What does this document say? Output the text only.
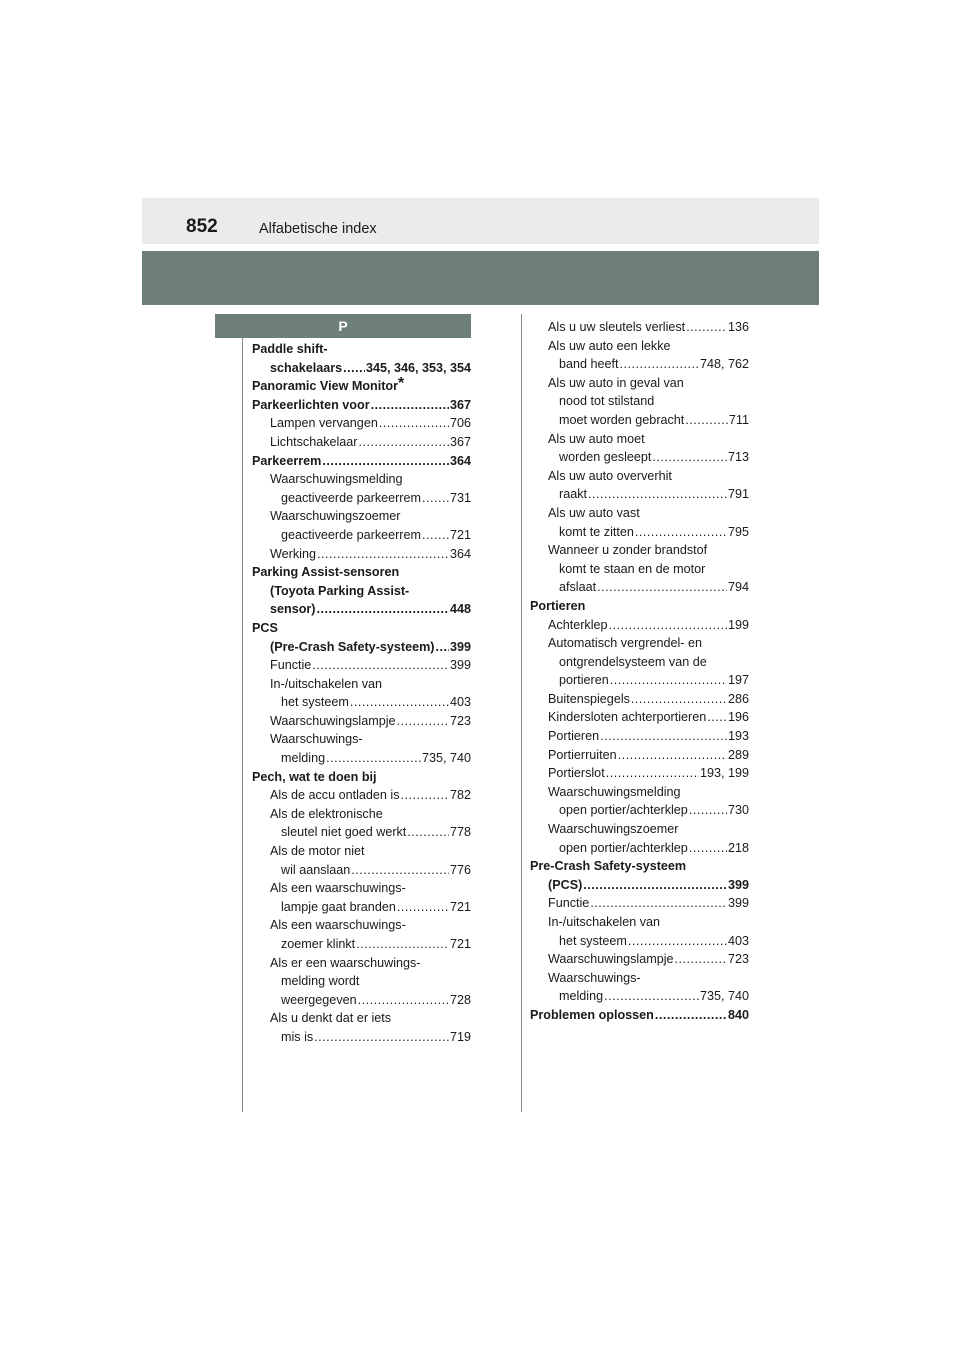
852	Alfabetische index
P
Paddle shift-
schakelaars ..... 345, 346, 353, 354
Panoramic View Monitor*
Parkeerlichten voor .....	367
Lampen vervangen .....	706
Lichtschakelaar .....	367
Parkeerrem .....	364
Waarschuwingsmelding
geactiveerde parkeerrem ..... 731
Waarschuwingszoemer
geactiveerde parkeerrem ..... 721
Werking .....	364
Parking Assist-sensoren
(Toyota Parking Assist-
sensor) .....	448
PCS
(Pre-Crash Safety-systeem) ..... 399
Functie .....	399
In-/uitschakelen van
het systeem .....	403
Waarschuwingslampje .....	723
Waarschuwings-
melding .....	735, 740
Pech, wat te doen bij
Als de accu ontladen is .....	782
Als de elektronische
sleutel niet goed werkt .....	778
Als de motor niet
wil aanslaan .....	776
Als een waarschuwings-
lampje gaat branden .....	721
Als een waarschuwings-
zoemer klinkt .....	721
Als er een waarschuwings-
melding wordt
weergegeven .....	728
Als u denkt dat er iets
mis is .....	719
Als u uw sleutels verliest .....	136
Als uw auto een lekke
band heeft .....	748, 762
Als uw auto in geval van
nood tot stilstand
moet worden gebracht .....	711
Als uw auto moet
worden gesleept .....	713
Als uw auto oververhit
raakt .....	791
Als uw auto vast
komt te zitten .....	795
Wanneer u zonder brandstof
komt te staan en de motor
afslaat .....	794
Portieren
Achterklep .....	199
Automatisch vergrendel- en
ontgrendelsysteem van de
portieren .....	197
Buitenspiegels .....	286
Kindersloten achterportieren ..... 196
Portieren .....	193
Portierruiten .....	289
Portierslot .....	193, 199
Waarschuwingsmelding
open portier/achterklep .....	730
Waarschuwingszoemer
open portier/achterklep .....	218
Pre-Crash Safety-systeem
(PCS) .....	399
Functie .....	399
In-/uitschakelen van
het systeem .....	403
Waarschuwingslampje .....	723
Waarschuwings-
melding .....	735, 740
Problemen oplossen .....	840
